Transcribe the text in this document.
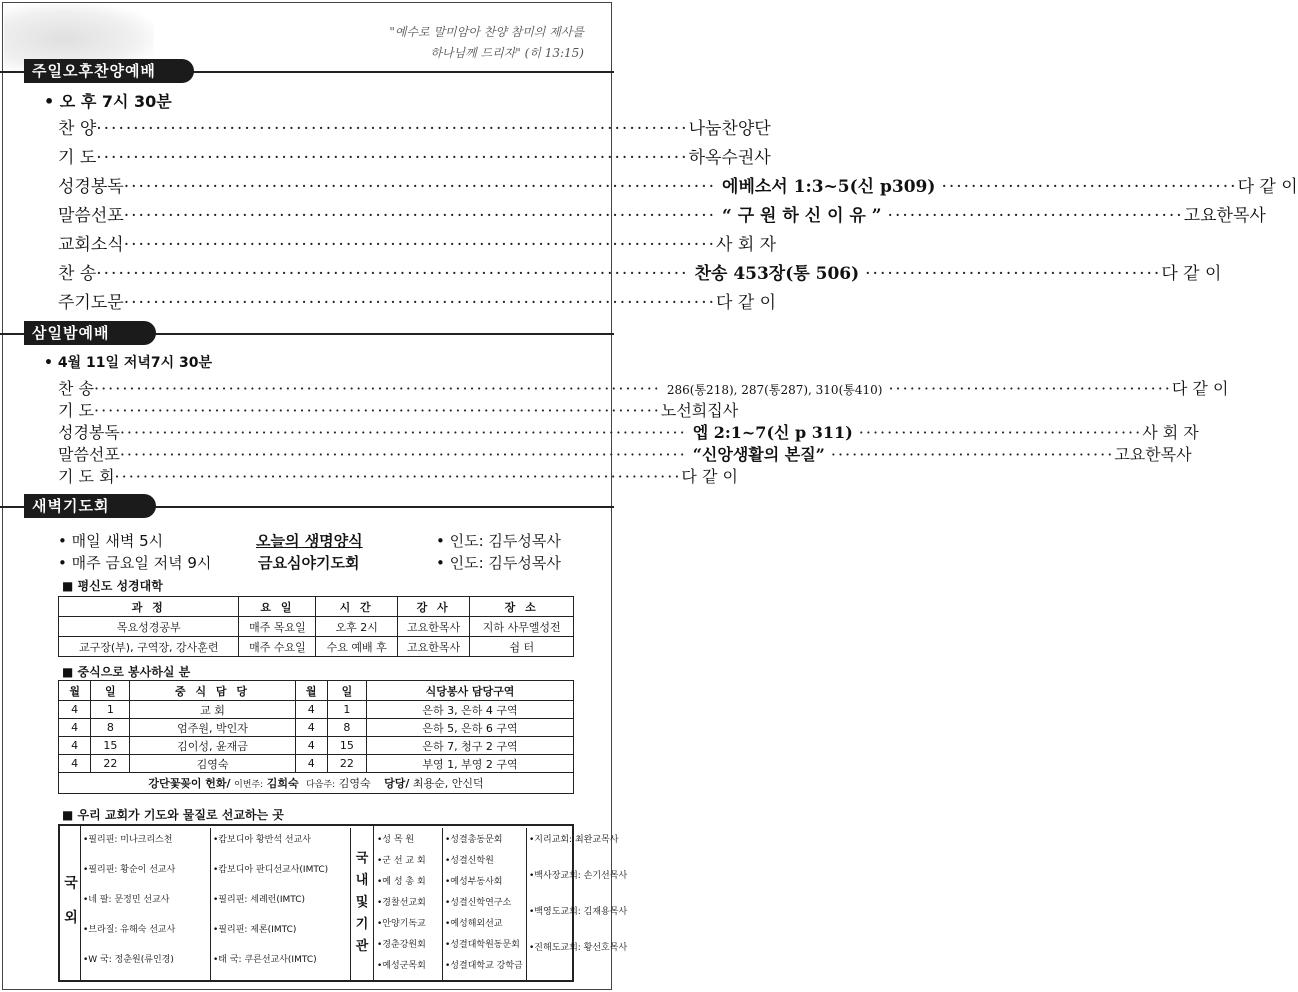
"예수로 말미암아 찬양 참미의 제사를
하나님께 드리자" (히 13:15)
주일오후찬양예배
• 오 후 7시 30분
찬 양 ················································································ 나눔찬양단
기 도 ················································································ 하옥수권사
성경봉독 ················································································ 에베소서 1:3~5(신 p309) ········································ 다 같 이
말씀선포 ················································································ “ 구 원 하 신 이 유 ” ········································ 고요한목사
교회소식 ················································································ 사 회 자
찬 송 ················································································ 찬송 453장(통 506) ········································ 다 같 이
주기도문 ················································································ 다 같 이
삼일밤예배
• 4월 11일 저녁7시 30분
찬 송 ················································································ 286(통218), 287(통287), 310(통410) ········································ 다 같 이
기 도 ················································································ 노선희집사
성경봉독 ················································································ 엡 2:1~7(신 p 311) ········································ 사 회 자
말씀선포 ················································································ “신앙생활의 본질” ········································ 고요한목사
기 도 회 ················································································ 다 같 이
새벽기도회
• 매일 새벽 5시	오늘의 생명양식	• 인도: 김두성목사
• 매주 금요일 저녁 9시	금요심야기도회	• 인도: 김두성목사
■ 평신도 성경대학
과 정	요 일	시 간	강 사	장 소
목요성경공부	매주 목요일	오후 2시	고요한목사	지하 사무엘성전
교구장(부), 구역장, 강사훈련	매주 수요일	수요 예배 후	고요한목사	쉼 터
■ 중식으로 봉사하실 분
월	일	중 식 담 당	월	일	식당봉사 담당구역
4	1	교 회	4	1	은하 3, 은하 4 구역
4	8	엄주원, 박인자	4	8	은하 5, 은하 6 구역
4	15	김이성, 윤재금	4	15	은하 7, 청구 2 구역
4	22	김영숙	4	22	부영 1, 부영 2 구역
강단꽃꽂이 헌화/ 이번주: 김희숙 다음주: 김영숙 당당/ 최용순, 안신덕					
■ 우리 교회가 기도와 물질로 선교하는 곳
국 외
•필리핀: 미나크리스천
•필리핀: 황순이 선교사
•네 팔: 문정민 선교사
•브라질: 유해숙 선교사
•W 국: 정춘원(류인경)
•캄보디아 황반석 선교사
•캄보디아 판디선교사(IMTC)
•필리핀: 세례런(IMTC)
•필리핀: 제론(IMTC)
•태 국: 쿠른선교사(IMTC)
국내 및 기관
•성 목 원
•군 선 교 회
•예 성 총 회
•경찰선교회
•안양기독교
•경춘강원회
•예성군목회
•성결총동문회
•성결신학원
•예성부동사회
•성결신학연구소
•예성해외선교
•성결대학원동문회
•성결대학교 강학금
•지리교회: 최완교목사
•백사장교회: 손기선목사
•백영도교회: 김재용목사
•진해도교회: 황선호목사
